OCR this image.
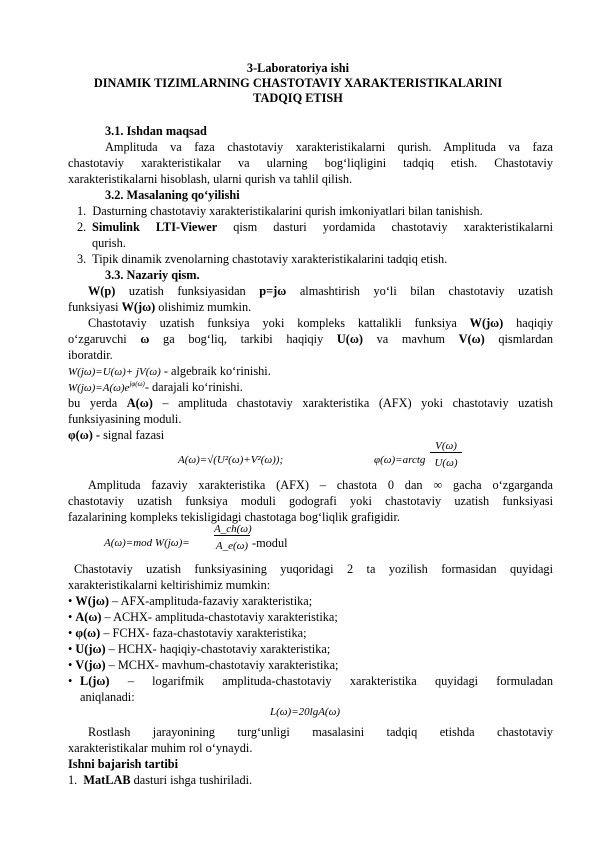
3-Laboratoriya ishi
DINAMIK TIZIMLARNING CHASTOTAVIY XARAKTERISTIKALARINI
TADQIQ ETISH
3.1. Ishdan maqsad
Amplituda va faza chastotaviy xarakteristikalarni qurish. Amplituda va faza
chastotaviy xarakteristikalar va ularning bog‘liqligini tadqiq etish. Chastotaviy
xarakteristikalarni hisoblash, ularni qurish va tahlil qilish.
3.2. Masalaning qo‘yilishi
1. Dasturning chastotaviy xarakteristikalarini qurish imkoniyatlari bilan tanishish.
2. Simulink LTI-Viewer qism dasturi yordamida chastotaviy xarakteristikalarni
qurish.
3. Tipik dinamik zvenolarning chastotaviy xarakteristikalarini tadqiq etish.
3.3. Nazariy qism.
W(p) uzatish funksiyasidan p=jω almashtirish yo‘li bilan chastotaviy uzatish
funksiyasi W(jω) olishimiz mumkin.
Chastotaviy uzatish funksiya yoki kompleks kattalikli funksiya W(jω) haqiqiy
o‘zgaruvchi ω ga bog‘liq, tarkibi haqiqiy U(ω) va mavhum V(ω) qismlardan
iboratdir.
W(jω)=U(ω)+ jV(ω) - algebraik ko‘rinishi.
$W(j\omega)=A(\omega)e^{j\varphi(\omega)}-$ darajali ko‘rinishi.
bu yerda A(ω) – amplituda chastotaviy xarakteristika (AFX) yoki chastotaviy uzatish
funksiyasining moduli.
φ(ω) - signal fazasi
A(ω)=√(U²(ω)+V²(ω));	φ(ω)=arctg
V(ω)
U(ω)
Amplituda fazaviy xarakteristika (AFX) – chastota 0 dan ∞ gacha o‘zgarganda
chastotaviy uzatish funksiya moduli godografi yoki chastotaviy uzatish funksiyasi
fazalarining kompleks tekisligidagi chastotaga bog‘liqlik grafigidir.
A(ω)=mod W(jω)=
A_ch(ω)
A_e(ω) -modul
Chastotaviy uzatish funksiyasining yuqoridagi 2 ta yozilish formasidan quyidagi
xarakteristikalarni keltirishimiz mumkin:
• W(jω) – AFX-amplituda-fazaviy xarakteristika;
• A(ω) – ACHX- amplituda-chastotaviy xarakteristika;
• φ(ω) – FCHX- faza-chastotaviy xarakteristika;
• U(jω) – HCHX- haqiqiy-chastotaviy xarakteristika;
• V(jω) – MCHX- mavhum-chastotaviy xarakteristika;
• L(jω) – logarifmik amplituda-chastotaviy xarakteristika quyidagi formuladan
aniqlanadi:
L(ω)=20lgA(ω)
Rostlash jarayonining turg‘unligi masalasini tadqiq etishda chastotaviy
xarakteristikalar muhim rol o‘ynaydi.
Ishni bajarish tartibi
1. MatLAB dasturi ishga tushiriladi.
